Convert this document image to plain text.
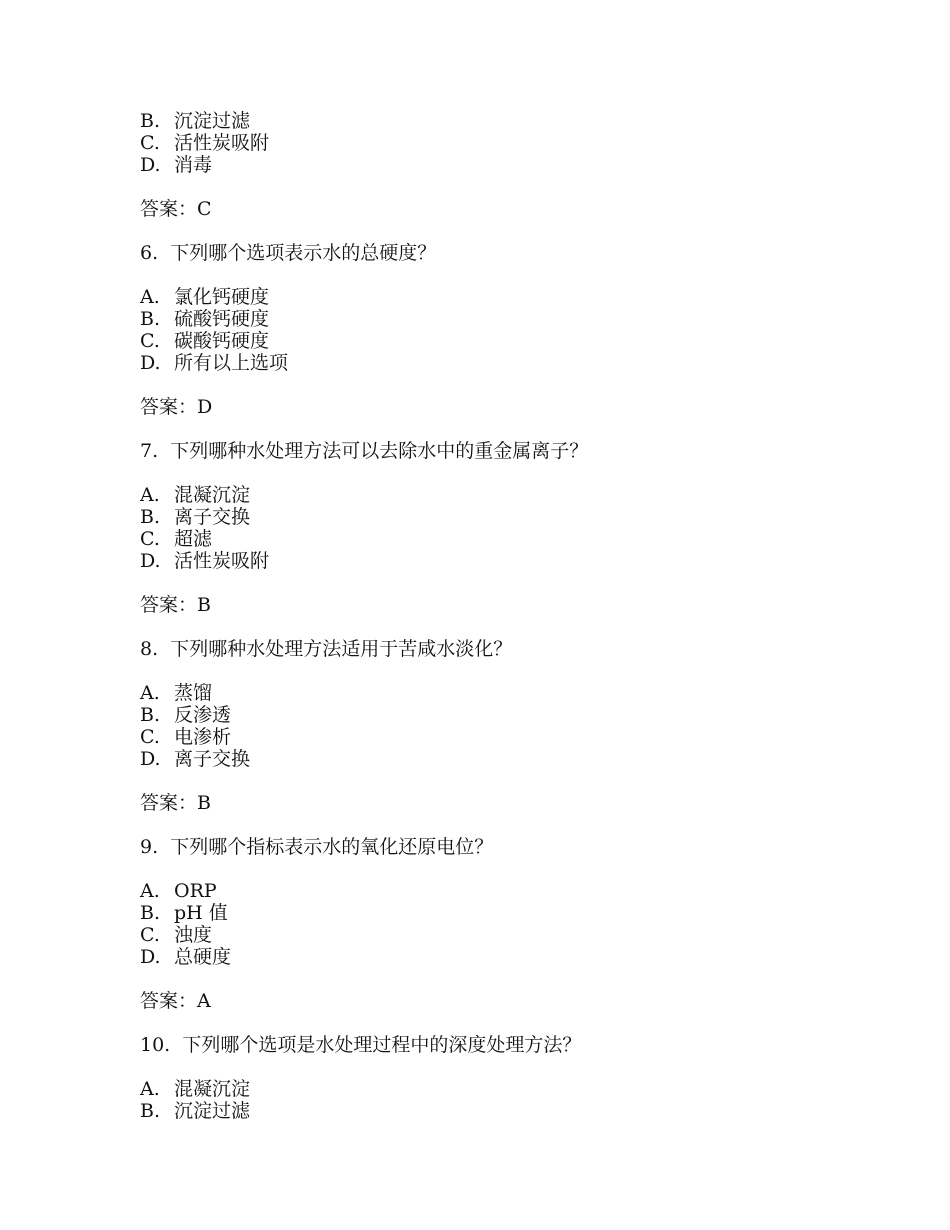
B. 沉淀过滤
C. 活性炭吸附
D. 消毒
答案：C
6. 下列哪个选项表示水的总硬度？
A. 氯化钙硬度
B. 硫酸钙硬度
C. 碳酸钙硬度
D. 所有以上选项
答案：D
7. 下列哪种水处理方法可以去除水中的重金属离子？
A. 混凝沉淀
B. 离子交换
C. 超滤
D. 活性炭吸附
答案：B
8. 下列哪种水处理方法适用于苦咸水淡化？
A. 蒸馏
B. 反渗透
C. 电渗析
D. 离子交换
答案：B
9. 下列哪个指标表示水的氧化还原电位？
A. ORP
B. pH 值
C. 浊度
D. 总硬度
答案：A
10. 下列哪个选项是水处理过程中的深度处理方法？
A. 混凝沉淀
B. 沉淀过滤
